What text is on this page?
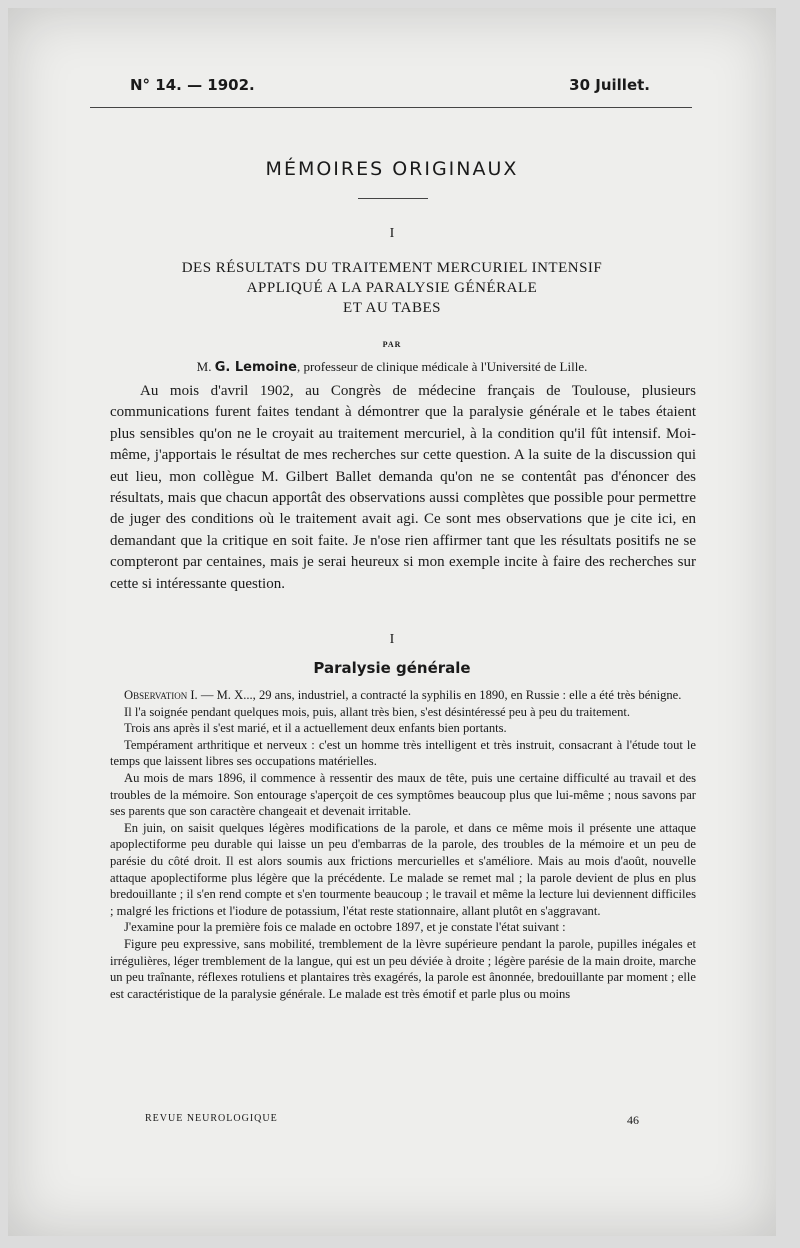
N° 14. — 1902.	30 Juillet.
MÉMOIRES ORIGINAUX
I
DES RÉSULTATS DU TRAITEMENT MERCURIEL INTENSIF
APPLIQUÉ A LA PARALYSIE GÉNÉRALE
ET AU TABES
PAR
M. G. Lemoine, professeur de clinique médicale à l'Université de Lille.

Au mois d'avril 1902, au Congrès de médecine français de Toulouse, plusieurs communications furent faites tendant à démontrer que la paralysie générale et le tabes étaient plus sensibles qu'on ne le croyait au traitement mercuriel, à la condition qu'il fût intensif. Moi-même, j'apportais le résultat de mes recherches sur cette question. A la suite de la discussion qui eut lieu, mon collègue M. Gilbert Ballet demanda qu'on ne se contentât pas d'énoncer des résultats, mais que chacun apportât des observations aussi complètes que possible pour permettre de juger des conditions où le traitement avait agi. Ce sont mes observations que je cite ici, en demandant que la critique en soit faite. Je n'ose rien affirmer tant que les résultats positifs ne se compteront par centaines, mais je serai heureux si mon exemple incite à faire des recherches sur cette si intéressante question.

I
Paralysie générale

Observation I. — M. X..., 29 ans, industriel, a contracté la syphilis en 1890, en Russie : elle a été très bénigne.

Il l'a soignée pendant quelques mois, puis, allant très bien, s'est désintéressé peu à peu du traitement.

Trois ans après il s'est marié, et il a actuellement deux enfants bien portants.

Tempérament arthritique et nerveux : c'est un homme très intelligent et très instruit, consacrant à l'étude tout le temps que laissent libres ses occupations matérielles.

Au mois de mars 1896, il commence à ressentir des maux de tête, puis une certaine difficulté au travail et des troubles de la mémoire. Son entourage s'aperçoit de ces symptômes beaucoup plus que lui-même ; nous savons par ses parents que son caractère changeait et devenait irritable.

En juin, on saisit quelques légères modifications de la parole, et dans ce même mois il présente une attaque apoplectiforme peu durable qui laisse un peu d'embarras de la parole, des troubles de la mémoire et un peu de parésie du côté droit. Il est alors soumis aux frictions mercurielles et s'améliore. Mais au mois d'août, nouvelle attaque apoplectiforme plus légère que la précédente. Le malade se remet mal ; la parole devient de plus en plus bredouillante ; il s'en rend compte et s'en tourmente beaucoup ; le travail et même la lecture lui deviennent difficiles ; malgré les frictions et l'iodure de potassium, l'état reste stationnaire, allant plutôt en s'aggravant.

J'examine pour la première fois ce malade en octobre 1897, et je constate l'état suivant :

Figure peu expressive, sans mobilité, tremblement de la lèvre supérieure pendant la parole, pupilles inégales et irrégulières, léger tremblement de la langue, qui est un peu déviée à droite ; légère parésie de la main droite, marche un peu traînante, réflexes rotuliens et plantaires très exagérés, la parole est ânonnée, bredouillante par moment ; elle est caractéristique de la paralysie générale. Le malade est très émotif et parle plus ou moins

REVUE NEUROLOGIQUE	46
